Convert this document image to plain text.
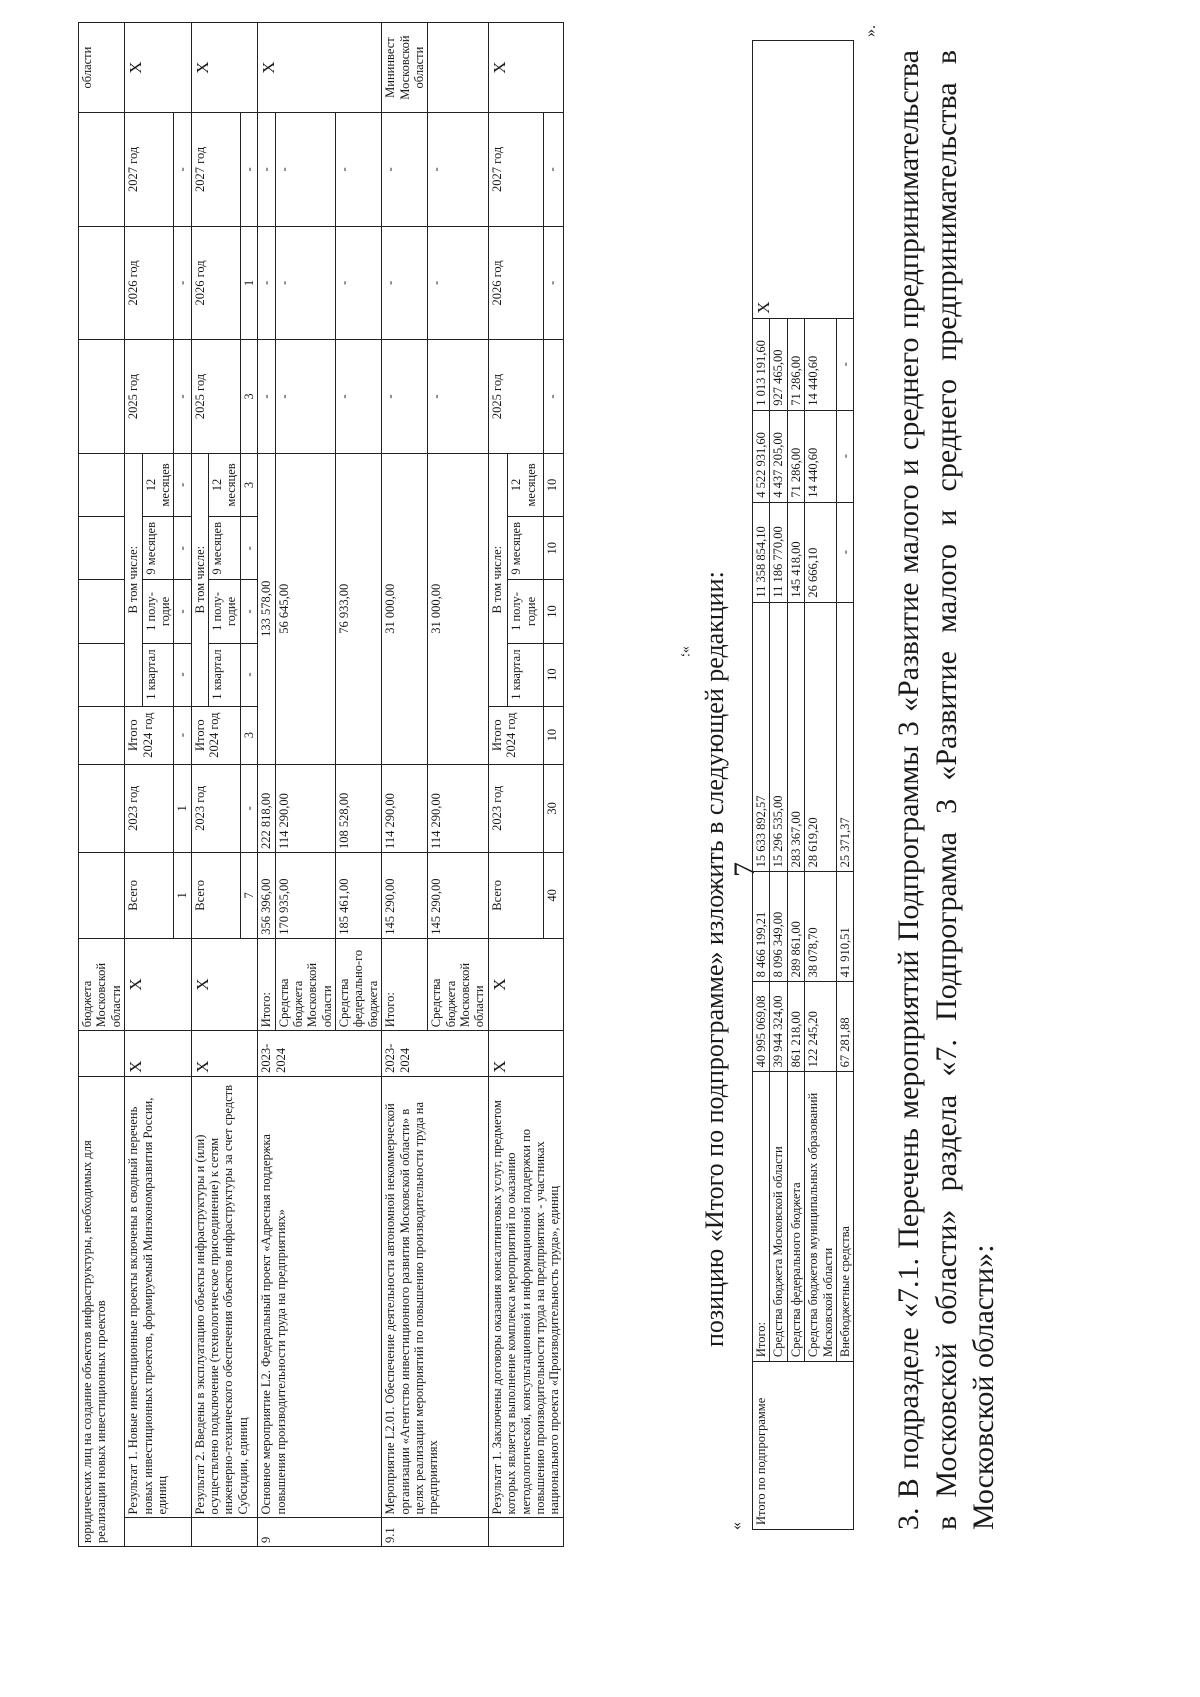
7
юридических лиц на создание объектов инфраструктуры, необходимых для реализации новых инвестиционных проектов			бюджета Московской области											области
	Результат 1. Новые инвестиционные проекты включены в сводный перечень новых инвестиционных проектов, формируемый Минэкономразвития России, единиц	X	X	Всего	2023 год	Итого 2024 год	В том числе:				2025 год	2026 год	2027 год	X
							1 квартал	1 полу-годие	9 месяцев	12 месяцев				
				1	1	-	-	-	-	-	-	-	-	
	Результат 2. Введены в эксплуатацию объекты инфраструктуры и (или) осуществлено подключение (технологическое присоединение) к сетям инженерно-технического обеспечения объектов инфраструктуры за счет средств Субсидии, единиц	X	X	Всего	2023 год	Итого 2024 год	В том числе:				2025 год	2026 год	2027 год	X
							1 квартал	1 полу-годие	9 месяцев	12 месяцев				
				7	-	3	-	-	-	3	3	1	-	
9	Основное мероприятие L2. Федеральный проект «Адресная поддержка повышения производительности труда на предприятиях»	2023-2024	Итого:	356 396,00	222 818,00	133 578,00					-	-	-	X
			Средства бюджета Московской области	170 935,00	114 290,00	56 645,00					-	-	-	
			Средства федерально-го бюджета	185 461,00	108 528,00	76 933,00					-	-	-	
9.1	Мероприятие L2.01. Обеспечение деятельности автономной некоммерческой организации «Агентство инвестиционного развития Московской области» в целях реализации мероприятий по повышению производительности труда на предприятиях	2023-2024	Итого:	145 290,00	114 290,00	31 000,00					-	-	-	Мининвест Московской области
			Средства бюджета Московской области	145 290,00	114 290,00	31 000,00					-	-	-	
	Результат 1. Заключены договоры оказания консалтинговых услуг, предметом которых является выполнение комплекса мероприятий по оказанию методологической, консультационной и информационной поддержки по повышению производительности труда на предприятиях - участниках национального проекта «Производительность труда», единиц	X	X	Всего	2023 год	Итого 2024 год	В том числе:				2025 год	2026 год	2027 год	X
							1 квартал	1 полу-годие	9 месяцев	12 месяцев				
				40	30	10	10	10	10	10	-	-	-	
»; позицию «Итого по подпрограмме» изложить в следующей редакции:
«
Итого по подпрограмме	Итого:	40 995 069,08	8 466 199,21	15 633 892,57	11 358 854,10	4 522 931,60	1 013 191,60	X
	Средства бюджета Московской области	39 944 324,00	8 096 349,00	15 296 535,00	11 186 770,00	4 437 205,00	927 465,00	
	Средства федерального бюджета	861 218,00	289 861,00	283 367,00	145 418,00	71 286,00	71 286,00	
	Средства бюджетов муниципальных образований Московской области	122 245,20	38 078,70	28 619,20	26 666,10	14 440,60	14 440,60	
	Внебюджетные средства	67 281,88	41 910,51	25 371,37	-	-	-	
».
3. В подразделе «7.1. Перечень мероприятий Подпрограммы 3 «Развитие малого и среднего предпринимательства в Московской области» раздела «7. Подпрограмма 3 «Развитие малого и среднего предпринимательства в Московской области»:
